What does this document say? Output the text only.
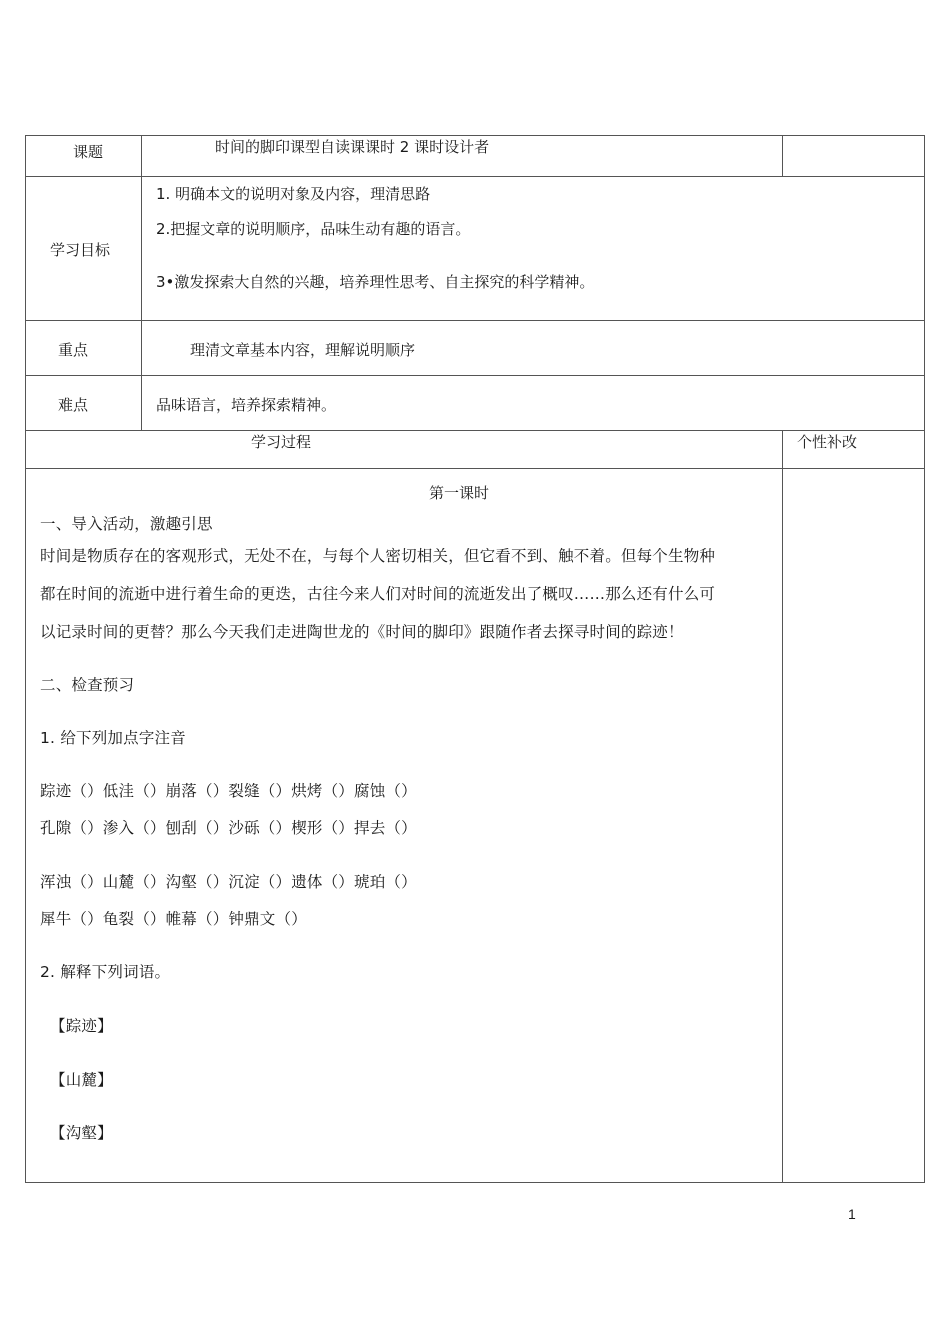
课题	时间的脚印课型自读课课时 2 课时设计者
学习目标
1. 明确本文的说明对象及内容，理清思路
2.把握文章的说明顺序，品味生动有趣的语言。
3•激发探索大自然的兴趣，培养理性思考、自主探究的科学精神。
重点	理清文章基本内容，理解说明顺序
难点	品味语言，培养探索精神。
学习过程	个性补改
第一课时
一、导入活动，激趣引思
时间是物质存在的客观形式，无处不在，与每个人密切相关，但它看不到、触不着。但每个生物种
都在时间的流逝中进行着生命的更迭，古往今来人们对时间的流逝发出了概叹……那么还有什么可
以记录时间的更替？那么今天我们走进陶世龙的《时间的脚印》跟随作者去探寻时间的踪迹！
二、检查预习
1. 给下列加点字注音
踪迹（）低洼（）崩落（）裂缝（）烘烤（）腐蚀（）
孔隙（）渗入（）刨刮（）沙砾（）楔形（）捍去（）
浑浊（）山麓（）沟壑（）沉淀（）遗体（）琥珀（）
犀牛（）龟裂（）帷幕（）钟鼎文（）
2. 解释下列词语。
【踪迹】
【山麓】
【沟壑】
1
